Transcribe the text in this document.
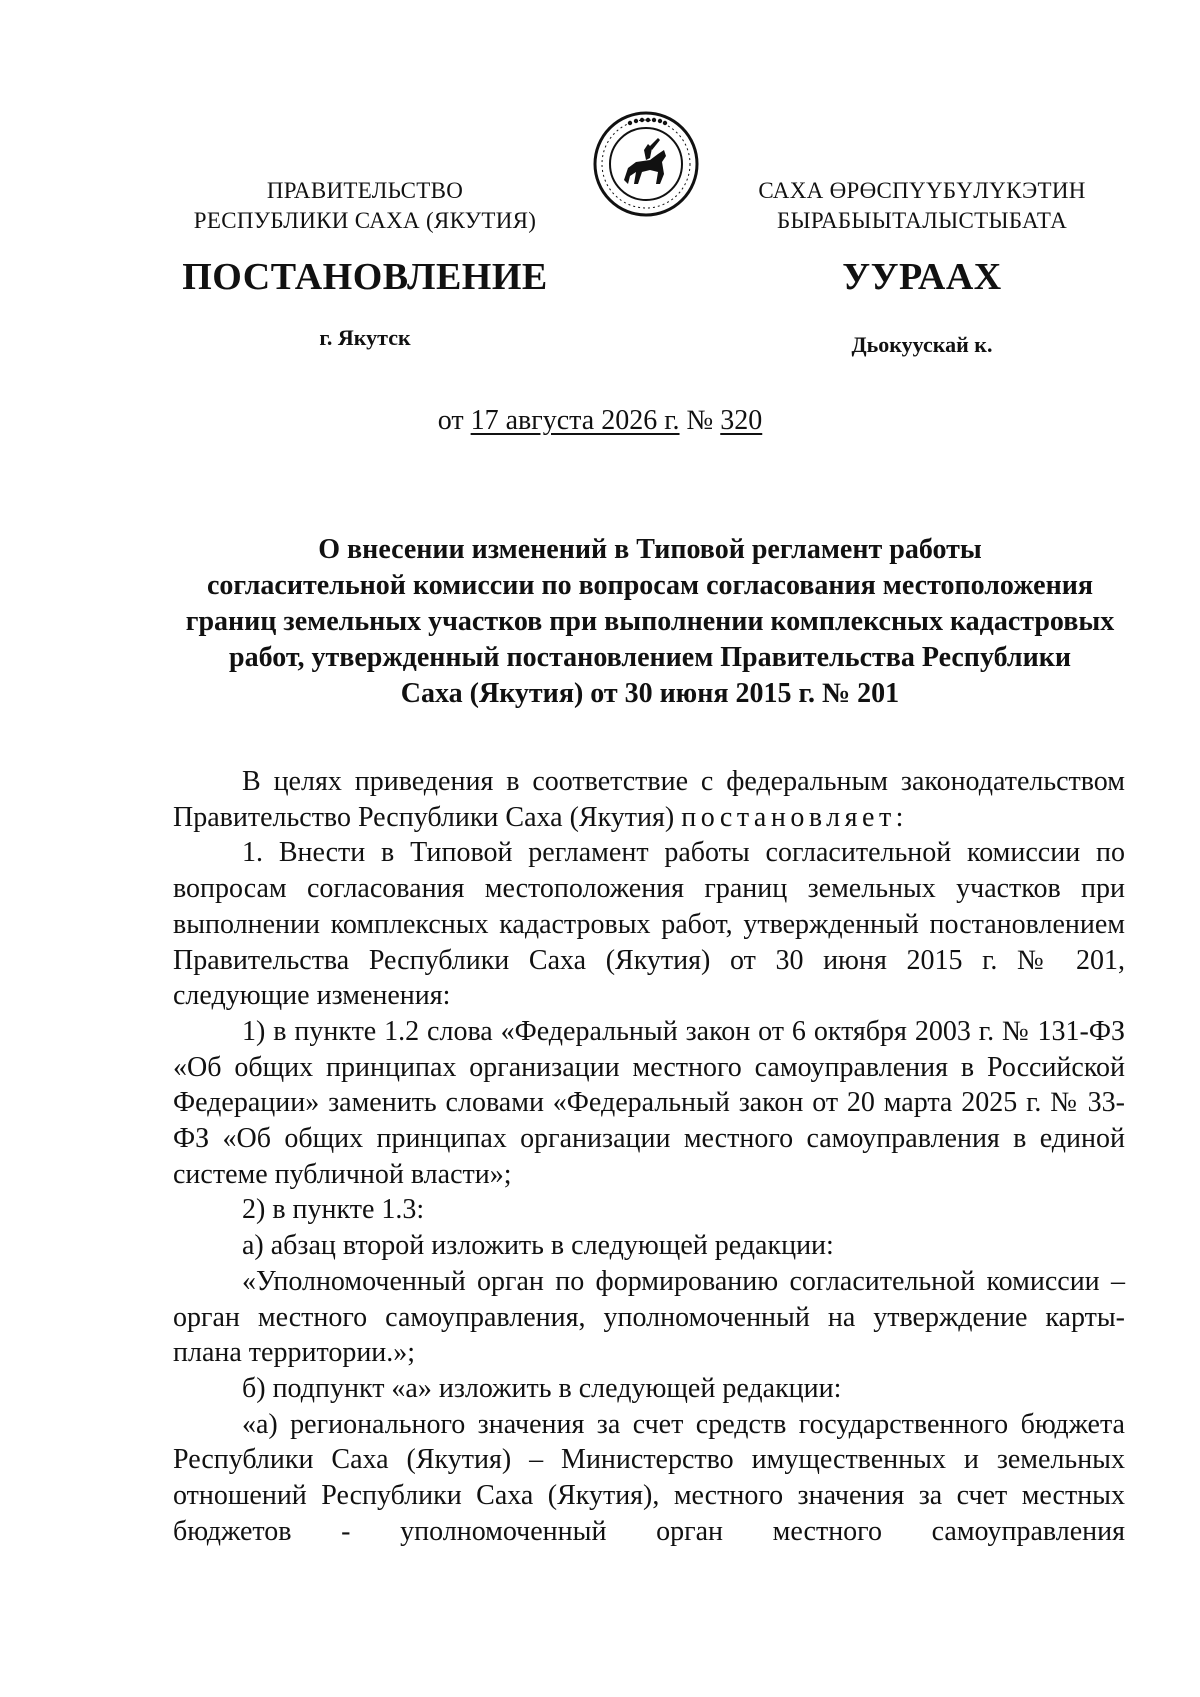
ПРАВИТЕЛЬСТВО
РЕСПУБЛИКИ САХА (ЯКУТИЯ)
САХА ӨРӨСПҮҮБҮЛҮКЭТИН
БЫРАБЫЫТАЛЫСТЫБАТА
ПОСТАНОВЛЕНИЕ	УУРААХ
г. Якутск	Дьокуускай к.
от 17 августа 2026 г. № 320
О внесении изменений в Типовой регламент работы
согласительной комиссии по вопросам согласования местоположения
границ земельных участков при выполнении комплексных кадастровых
работ, утвержденный постановлением Правительства Республики
Саха (Якутия) от 30 июня 2015 г. № 201

В целях приведения в соответствие с федеральным законодательством Правительство Республики Саха (Якутия) постановляет:

1. Внести в Типовой регламент работы согласительной комиссии по вопросам согласования местоположения границ земельных участков при выполнении комплексных кадастровых работ, утвержденный постановлением Правительства Республики Саха (Якутия) от 30 июня 2015 г. № 201, следующие изменения:

1) в пункте 1.2 слова «Федеральный закон от 6 октября 2003 г. № 131-ФЗ «Об общих принципах организации местного самоуправления в Российской Федерации» заменить словами «Федеральный закон от 20 марта 2025 г. № 33-ФЗ «Об общих принципах организации местного самоуправления в единой системе публичной власти»;

2) в пункте 1.3:

а) абзац второй изложить в следующей редакции:

«Уполномоченный орган по формированию согласительной комиссии – орган местного самоуправления, уполномоченный на утверждение карты-плана территории.»;

б) подпункт «а» изложить в следующей редакции:

«а) регионального значения за счет средств государственного бюджета Республики Саха (Якутия) – Министерство имущественных и земельных отношений Республики Саха (Якутия), местного значения за счет местных бюджетов - уполномоченный орган местного самоуправления
